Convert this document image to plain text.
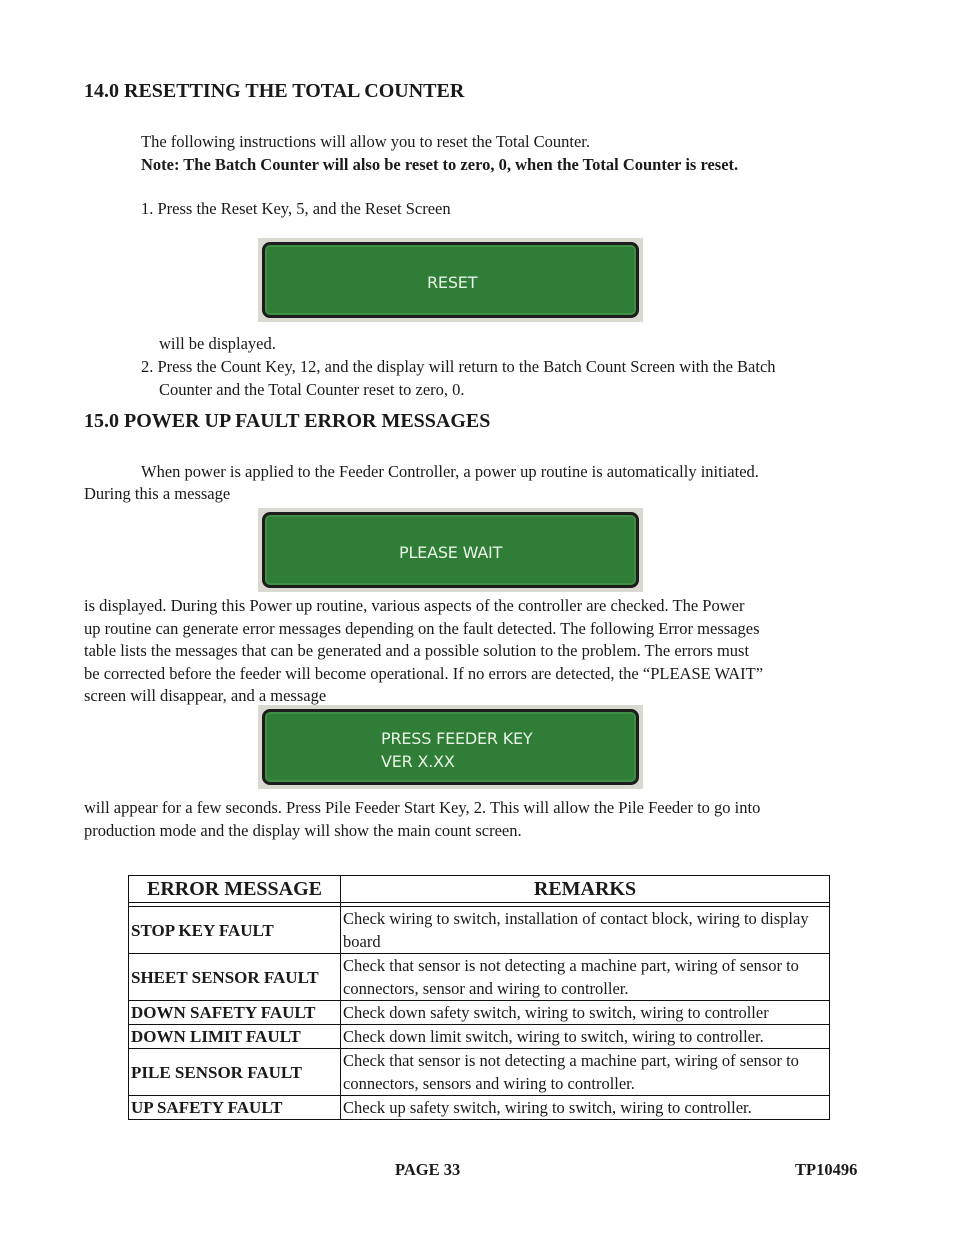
14.0 RESETTING THE TOTAL COUNTER
The following instructions will allow you to reset the Total Counter.
Note: The Batch Counter will also be reset to zero, 0, when the Total Counter is reset.
1. Press the Reset Key, 5, and the Reset Screen
RESET
will be displayed.
2. Press the Count Key, 12, and the display will return to the Batch Count Screen with the Batch
Counter and the Total Counter reset to zero, 0.
15.0 POWER UP FAULT ERROR MESSAGES
When power is applied to the Feeder Controller, a power up routine is automatically initiated.
During this a message
PLEASE WAIT
is displayed. During this Power up routine, various aspects of the controller are checked. The Power
up routine can generate error messages depending on the fault detected. The following Error messages
table lists the messages that can be generated and a possible solution to the problem. The errors must
be corrected before the feeder will become operational. If no errors are detected, the “PLEASE WAIT”
screen will disappear, and a message
PRESS FEEDER KEY
VER X.XX
will appear for a few seconds. Press Pile Feeder Start Key, 2. This will allow the Pile Feeder to go into
production mode and the display will show the main count screen.
ERROR MESSAGE	REMARKS

STOP KEY FAULT	Check wiring to switch, installation of contact block, wiring to display board
SHEET SENSOR FAULT	Check that sensor is not detecting a machine part, wiring of sensor to connectors, sensor and wiring to controller.
DOWN SAFETY FAULT	Check down safety switch, wiring to switch, wiring to controller
DOWN LIMIT FAULT	Check down limit switch, wiring to switch, wiring to controller.
PILE SENSOR FAULT	Check that sensor is not detecting a machine part, wiring of sensor to connectors, sensors and wiring to controller.
UP SAFETY FAULT	Check up safety switch, wiring to switch, wiring to controller.
PAGE 33	TP10496
